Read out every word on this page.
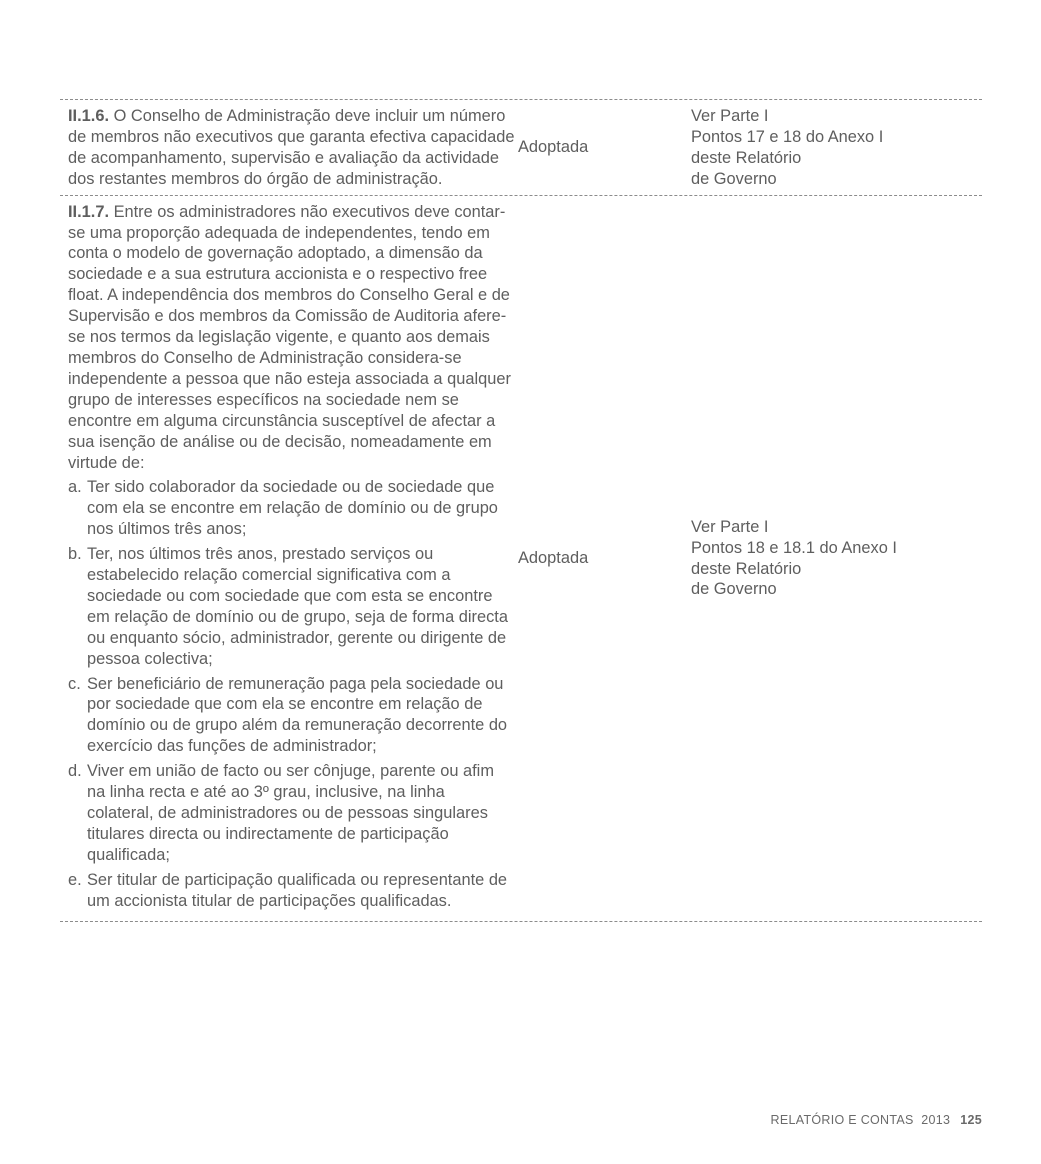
II.1.6. O Conselho de Administração deve incluir um número de membros não executivos que garanta efectiva capacidade de acompanhamento, supervisão e avaliação da actividade dos restantes membros do órgão de administração.
Adoptada
Ver Parte I
Pontos 17 e 18 do Anexo I
deste Relatório
de Governo
II.1.7. Entre os administradores não executivos deve contar-se uma proporção adequada de independentes, tendo em conta o modelo de governação adoptado, a dimensão da sociedade e a sua estrutura accionista e o respectivo free float. A independência dos membros do Conselho Geral e de Supervisão e dos membros da Comissão de Auditoria afere-se nos termos da legislação vigente, e quanto aos demais membros do Conselho de Administração considera-se independente a pessoa que não esteja associada a qualquer grupo de interesses específicos na sociedade nem se encontre em alguma circunstância susceptível de afectar a sua isenção de análise ou de decisão, nomeadamente em virtude de:
a. Ter sido colaborador da sociedade ou de sociedade que com ela se encontre em relação de domínio ou de grupo nos últimos três anos;
b. Ter, nos últimos três anos, prestado serviços ou estabelecido relação comercial significativa com a sociedade ou com sociedade que com esta se encontre em relação de domínio ou de grupo, seja de forma directa ou enquanto sócio, administrador, gerente ou dirigente de pessoa colectiva;
c. Ser beneficiário de remuneração paga pela sociedade ou por sociedade que com ela se encontre em relação de domínio ou de grupo além da remuneração decorrente do exercício das funções de administrador;
d. Viver em união de facto ou ser cônjuge, parente ou afim na linha recta e até ao 3º grau, inclusive, na linha colateral, de administradores ou de pessoas singulares titulares directa ou indirectamente de participação qualificada;
e. Ser titular de participação qualificada ou representante de um accionista titular de participações qualificadas.
Adoptada
Ver Parte I
Pontos 18 e 18.1 do Anexo I
deste Relatório
de Governo
RELATÓRIO E CONTAS  2013 125
